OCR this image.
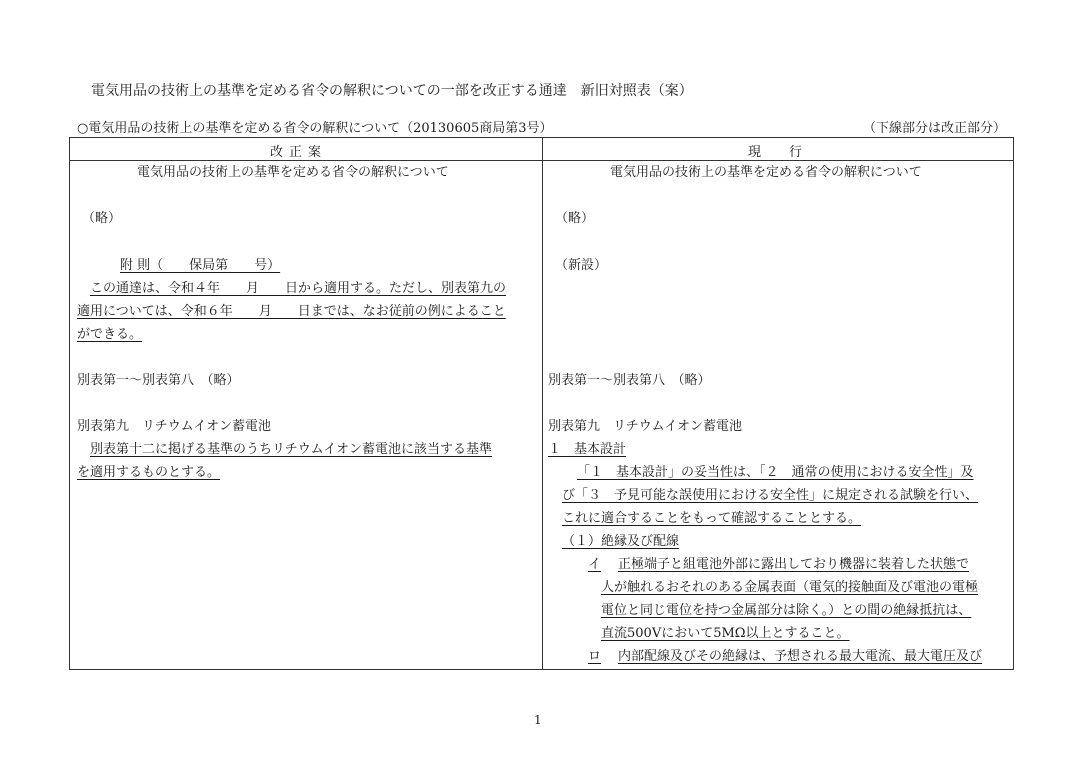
電気用品の技術上の基準を定める省令の解釈についての一部を改正する通達　新旧対照表（案）
○電気用品の技術上の基準を定める省令の解釈について（20130605商局第3号）	（下線部分は改正部分）
改正案	現行
電気用品の技術上の基準を定める省令の解釈について
（略）
附 則（　　保局第　　号）
この通達は、令和４年　　月　　日から適用する。ただし、別表第九の
適用については、令和６年　　月　　日までは、なお従前の例によること
ができる。
別表第一～別表第八　（略）
別表第九　リチウムイオン蓄電池
別表第十二に掲げる基準のうちリチウムイオン蓄電池に該当する基準
を適用するものとする。
電気用品の技術上の基準を定める省令の解釈について
（略）
（新設）
別表第一～別表第八　（略）
別表第九　リチウムイオン蓄電池
１　基本設計
「１　基本設計」の妥当性は、「２　通常の使用における安全性」及
び「３　予見可能な誤使用における安全性」に規定される試験を行い、
これに適合することをもって確認することとする。
（１）絶縁及び配線
イ 正極端子と組電池外部に露出しており機器に装着した状態で
人が触れるおそれのある金属表面（電気的接触面及び電池の電極
電位と同じ電位を持つ金属部分は除く。）との間の絶縁抵抗は、
直流500Vにおいて5MΩ以上とすること。
ロ 内部配線及びその絶縁は、予想される最大電流、最大電圧及び
1
